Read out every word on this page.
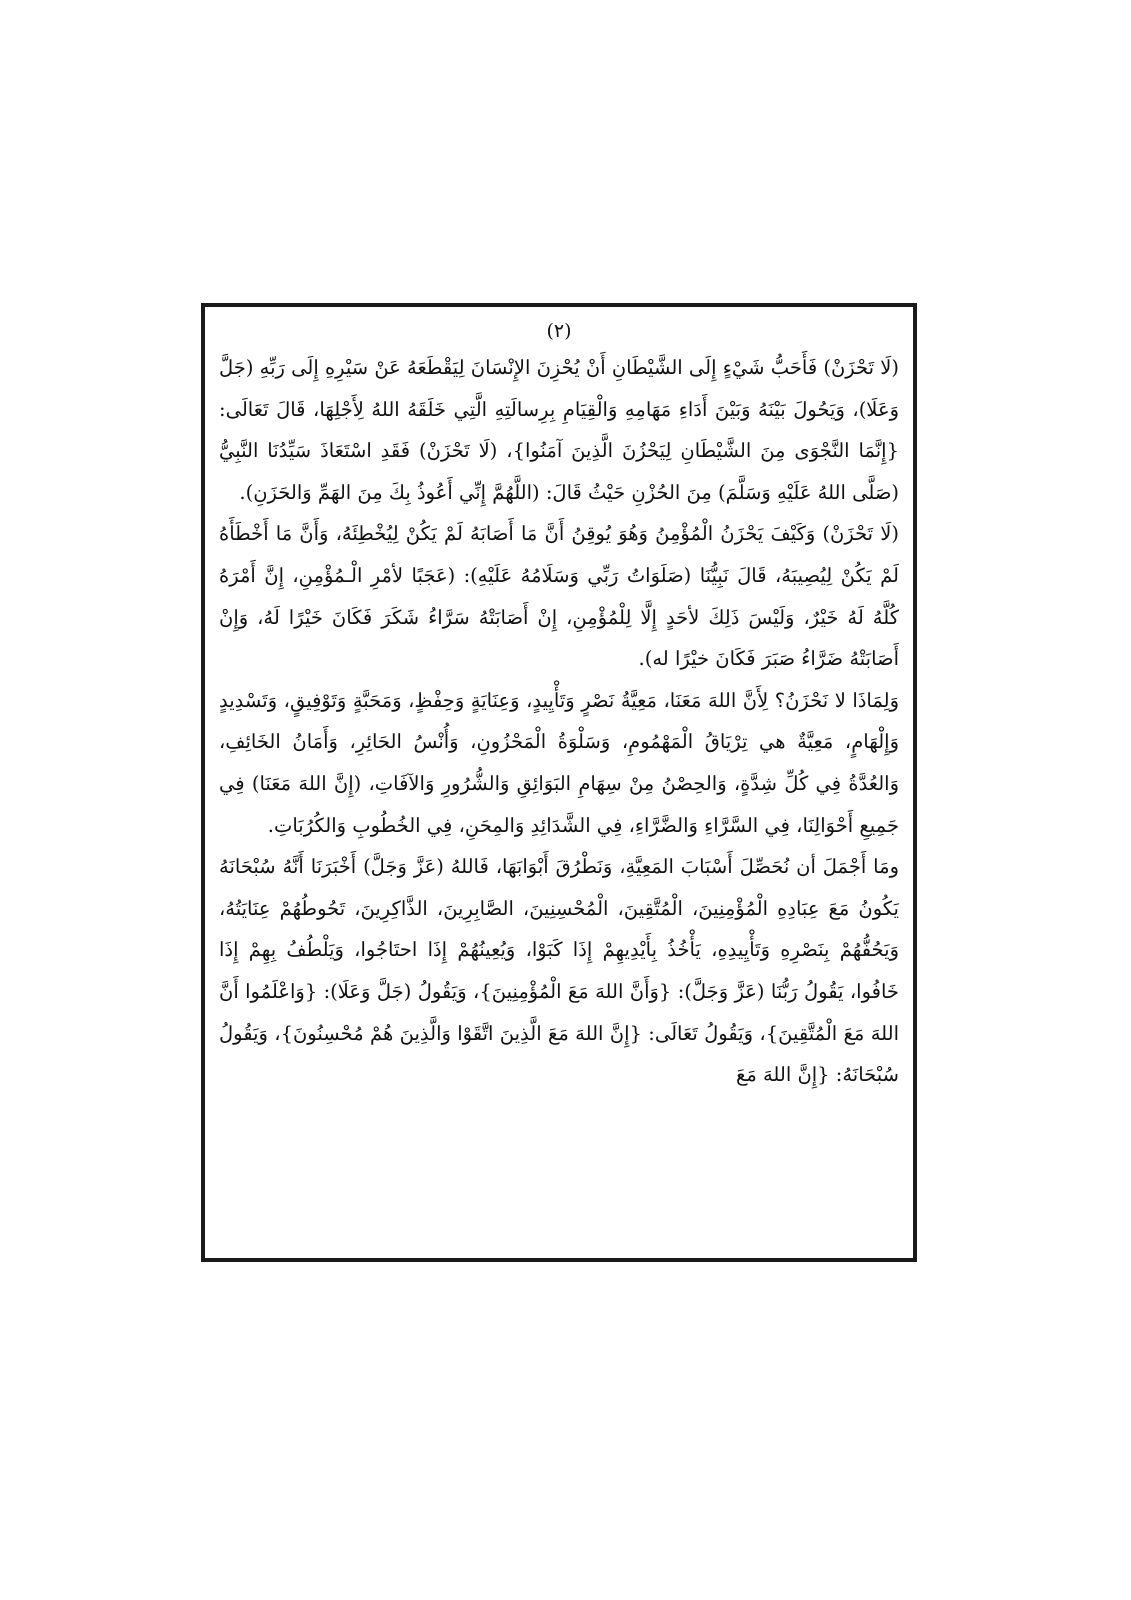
(٢)

(لَا تَحْزَنْ) فَأَحَبُّ شَيْءٍ إِلَى الشَّيْطَانِ أَنْ يُحْزِنَ الإِنْسَانَ لِيَقْطَعَهُ عَنْ سَيْرِهِ إِلَى رَبِّهِ (جَلَّ وَعَلَا)، وَيَحُولَ بَيْنَهُ وَبَيْنَ أَدَاءِ مَهَامِهِ وَالْقِيَامِ بِرِسالَتِهِ الَّتِي خَلَقَهُ اللهُ لِأَجْلِهَا، قَالَ تَعَالَى: {إِنَّمَا النَّجْوَى مِنَ الشَّيْطَانِ لِيَحْزُنَ الَّذِينَ آمَنُوا}، (لَا تَحْزَنْ) فَقَدِ اسْتَعَاذَ سَيِّدُنَا النَّبِيُّ (صَلَّى اللهُ عَلَيْهِ وَسَلَّمَ) مِنَ الحُزْنِ حَيْثُ قَالَ: (اللَّهُمَّ إِنِّي أَعُوذُ بِكَ مِنَ الهَمِّ وَالحَزَنِ).

(لَا تَحْزَنْ) وَكَيْفَ يَحْزَنُ الْمُؤْمِنُ وَهُوَ يُوقِنُ أَنَّ مَا أَصَابَهُ لَمْ يَكُنْ لِيُخْطِئَهُ، وَأَنَّ مَا أَخْطَأَهُ لَمْ يَكُنْ لِيُصِيبَهُ، قَالَ نَبِيُّنَا (صَلَوَاتُ رَبِّي وَسَلَامُهُ عَلَيْهِ): (عَجَبًا لأمْرِ الْـمُؤْمِنِ، إِنَّ أَمْرَهُ كُلَّهُ لَهُ خَيْرٌ، وَلَيْسَ ذَلِكَ لأحَدٍ إِلَّا لِلْمُؤْمِنِ، إِنْ أَصَابَتْهُ سَرَّاءُ شَكَرَ فَكَانَ خَيْرًا لَهُ، وَإِنْ أَصَابَتْهُ ضَرَّاءُ صَبَرَ فَكَانَ خيْرًا له).

وَلِمَاذَا لا نَحْزَنُ؟ لِأَنَّ اللهَ مَعَنَا، مَعِيَّةُ نَصْرٍ وَتَأْيِيدٍ، وَعِنَايَةٍ وَحِفْظٍ، وَمَحَبَّةٍ وَتَوْفِيقٍ، وَتَسْدِيدٍ وَإِلْهَامٍ، مَعِيَّةٌ هي تِرْيَاقُ الْمَهْمُومِ، وَسَلْوَةُ الْمَحْزُونِ، وَأُنْسُ الحَائِرِ، وَأَمَانُ الخَائِفِ، وَالعُدَّةُ فِي كُلِّ شِدَّةٍ، وَالحِصْنُ مِنْ سِهَامِ البَوَائِقِ وَالشُّرُورِ وَالآفَاتِ، (إِنَّ اللهَ مَعَنَا) فِي جَمِيعِ أَحْوَالِنَا، فِي السَّرَّاءِ وَالضَّرَّاءِ، فِي الشَّدَائِدِ وَالمِحَنِ، فِي الخُطُوبِ وَالكُرُبَاتِ.

ومَا أَجْمَلَ أن نُحَصِّلَ أَسْبَابَ المَعِيَّةِ، وَنَطْرُقَ أَبْوَابَهَا، فَاللهُ (عَزَّ وَجَلَّ) أَخْبَرَنَا أَنَّهُ سُبْحَانَهُ يَكُونُ مَعَ عِبَادِهِ الْمُؤْمِنِينَ، الْمُتَّقِينَ، الْمُحْسِنِينَ، الصَّابِرِينَ، الذَّاكِرِينَ، تَحُوطُهُمْ عِنَايَتُهُ، وَيَحُفُّهُمْ بِنَصْرِهِ وَتَأْيِيدِهِ، يَأْخُذُ بِأَيْدِيهِمْ إِذَا كَبَوْا، وَيُعِينُهُمْ إِذَا احتَاجُوا، وَيَلْطُفُ بِهِمْ إِذَا خَافُوا، يَقُولُ رَبُّنَا (عَزَّ وَجَلَّ): {وَأَنَّ اللهَ مَعَ الْمُؤْمِنِينَ}، وَيَقُولُ (جَلَّ وَعَلَا): {وَاعْلَمُوا أَنَّ اللهَ مَعَ الْمُتَّقِينَ}، وَيَقُولُ تَعَالَى: {إِنَّ اللهَ مَعَ الَّذِينَ اتَّقَوْا وَالَّذِينَ هُمْ مُحْسِنُونَ}، وَيَقُولُ سُبْحَانَهُ: {إِنَّ اللهَ مَعَ
